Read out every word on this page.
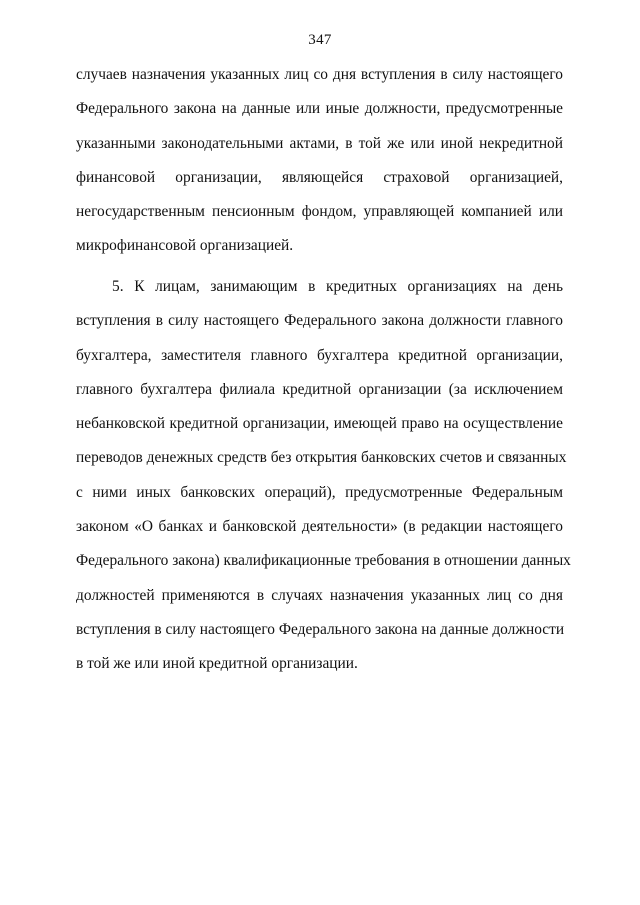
347
случаев назначения указанных лиц со дня вступления в силу настоящего
Федерального закона на данные или иные должности, предусмотренные
указанными законодательными актами, в той же или иной некредитной
финансовой организации, являющейся страховой организацией,
негосударственным пенсионным фондом, управляющей компанией или
микрофинансовой организацией.
5. К лицам, занимающим в кредитных организациях на день
вступления в силу настоящего Федерального закона должности главного
бухгалтера, заместителя главного бухгалтера кредитной организации,
главного бухгалтера филиала кредитной организации (за исключением
небанковской кредитной организации, имеющей право на осуществление
переводов денежных средств без открытия банковских счетов и связанных
с ними иных банковских операций), предусмотренные Федеральным
законом «О банках и банковской деятельности» (в редакции настоящего
Федерального закона) квалификационные требования в отношении данных
должностей применяются в случаях назначения указанных лиц со дня
вступления в силу настоящего Федерального закона на данные должности
в той же или иной кредитной организации.
